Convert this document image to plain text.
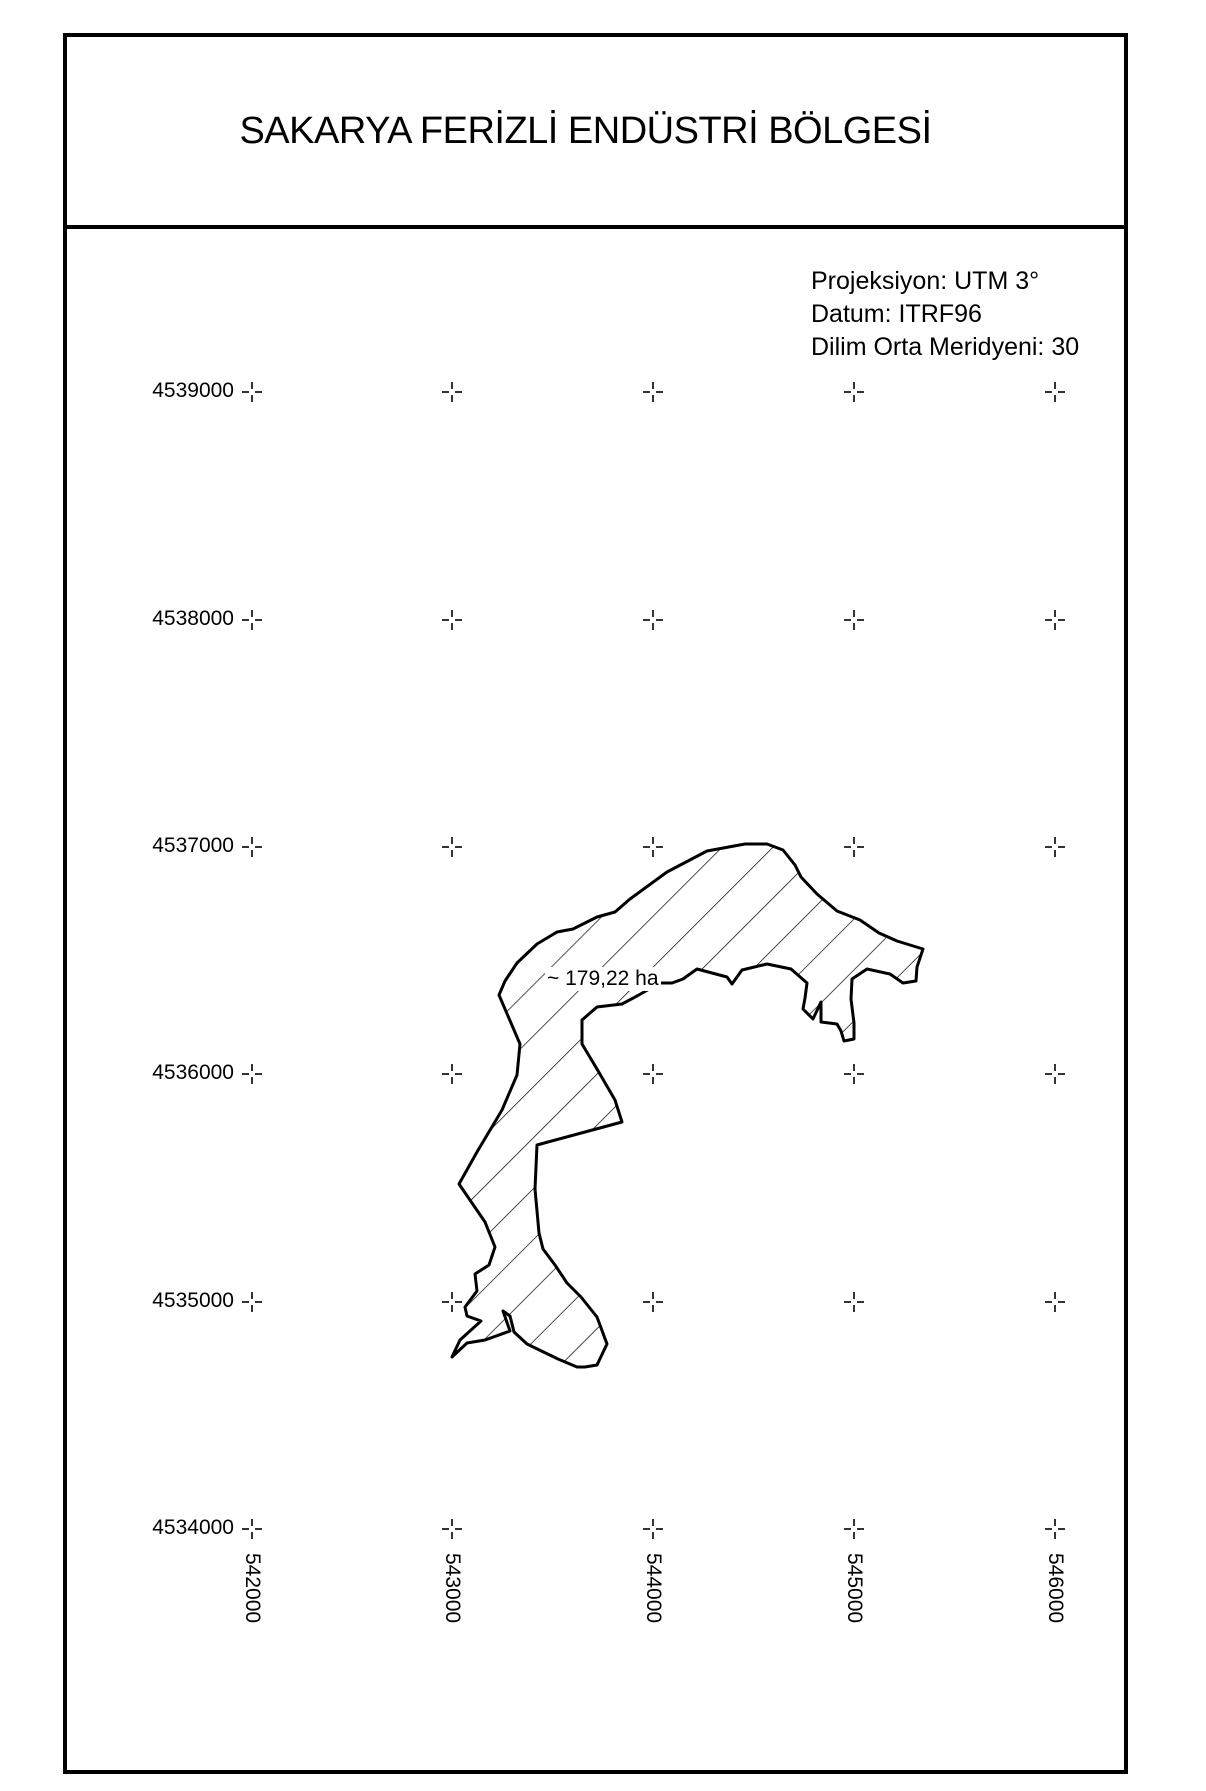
SAKARYA FERİZLİ ENDÜSTRİ BÖLGESİ
Projeksiyon: UTM 3°
Datum: ITRF96
Dilim Orta Meridyeni: 30
4539000
4538000
4537000
4536000
4535000
4534000
542000	543000	544000	545000	546000
~ 179,22 ha
